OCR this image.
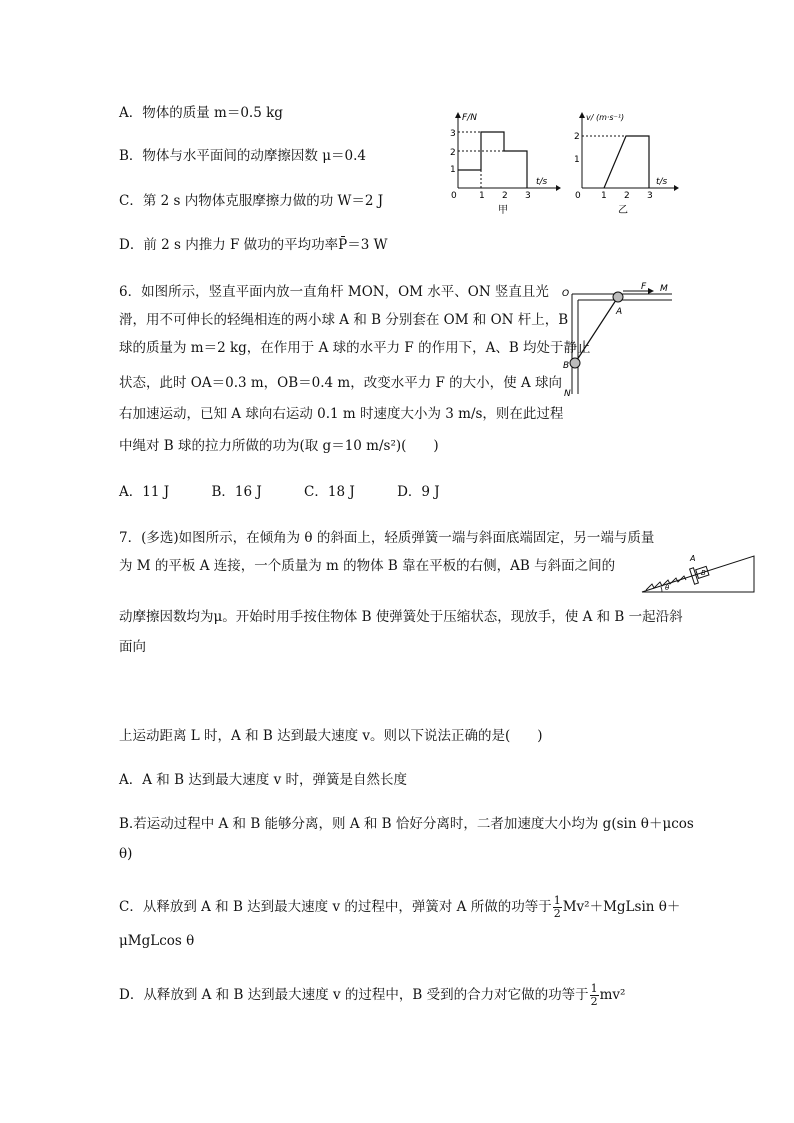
A．物体的质量 m＝0.5 kg
B．物体与水平面间的动摩擦因数 μ＝0.4
C．第 2 s 内物体克服摩擦力做的功 W＝2 J
D．前 2 s 内推力 F 做功的平均功率P̄＝3 W
F/N
t/s
1
2
3
0 1 2 3
甲
v/ (m·s⁻¹)
t/s
1
2
0 1 2 3
乙
6．如图所示，竖直平面内放一直角杆 MON，OM 水平、ON 竖直且光
滑，用不可伸长的轻绳相连的两小球 A 和 B 分别套在 OM 和 ON 杆上，B
球的质量为 m＝2 kg，在作用于 A 球的水平力 F 的作用下，A、B 均处于静止
状态，此时 OA＝0.3 m，OB＝0.4 m，改变水平力 F 的大小，使 A 球向
右加速运动，已知 A 球向右运动 0.1 m 时速度大小为 3 m/s，则在此过程
中绳对 B 球的拉力所做的功为(取 g＝10 m/s²)(　　)
A．11 J	B．16 J	C．18 J	D．9 J
O
F M
A
B
N
7．(多选)如图所示，在倾角为 θ 的斜面上，轻质弹簧一端与斜面底端固定，另一端与质量
为 M 的平板 A 连接，一个质量为 m 的物体 B 靠在平板的右侧，AB 与斜面之间的
动摩擦因数均为μ。开始时用手按住物体 B 使弹簧处于压缩状态，现放手，使 A 和 B 一起沿斜
面向
A
B
θ
上运动距离 L 时，A 和 B 达到最大速度 v。则以下说法正确的是(　　)
A．A 和 B 达到最大速度 v 时，弹簧是自然长度
B.若运动过程中 A 和 B 能够分离，则 A 和 B 恰好分离时，二者加速度大小均为 g(sin θ＋μcos
θ)
C．从释放到 A 和 B 达到最大速度 v 的过程中，弹簧对 A 所做的功等于 $\frac{1}{2} Mv^2+MgLsin$ θ＋
μMgLcos θ
D．从释放到 A 和 B 达到最大速度 v 的过程中，B 受到的合力对它做的功等于 $\frac{1}{2} mv^2$
